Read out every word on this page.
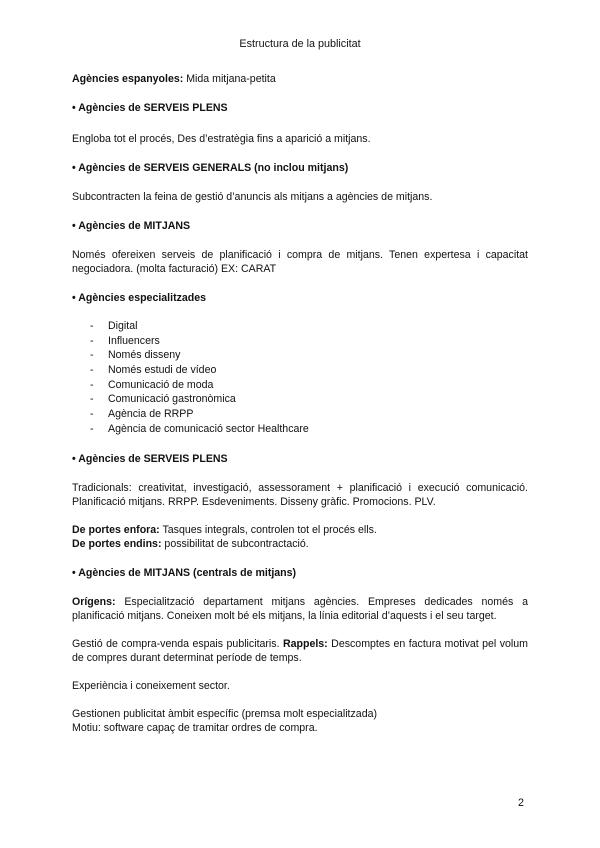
Estructura de la publicitat

Agències espanyoles: Mida mitjana-petita

• Agències de SERVEIS PLENS

Engloba tot el procés, Des d’estratègia fins a aparició a mitjans.

• Agències de SERVEIS GENERALS (no inclou mitjans)

Subcontracten la feina de gestió d’anuncis als mitjans a agències de mitjans.

• Agències de MITJANS

Només ofereixen serveis de planificació i compra de mitjans. Tenen expertesa i capacitat negociadora. (molta facturació) EX: CARAT

• Agències especialitzades

- Digital
- Influencers
- Només disseny
- Només estudi de vídeo
- Comunicació de moda
- Comunicació gastronòmica
- Agència de RRPP
- Agència de comunicació sector Healthcare

• Agències de SERVEIS PLENS

Tradicionals: creativitat, investigació, assessorament + planificació i execució comunicació. Planificació mitjans. RRPP. Esdeveniments. Disseny gràfic. Promocions. PLV.

De portes enfora: Tasques integrals, controlen tot el procés ells.

De portes endins: possibilitat de subcontractació.

• Agències de MITJANS (centrals de mitjans)

Orígens: Especialització departament mitjans agències. Empreses dedicades només a planificació mitjans. Coneixen molt bé els mitjans, la línia editorial d’aquests i el seu target.

Gestió de compra-venda espais publicitaris. Rappels: Descomptes en factura motivat pel volum de compres durant determinat període de temps.

Experiència i coneixement sector.

Gestionen publicitat àmbit específic (premsa molt especialitzada)

Motiu: software capaç de tramitar ordres de compra.

2
